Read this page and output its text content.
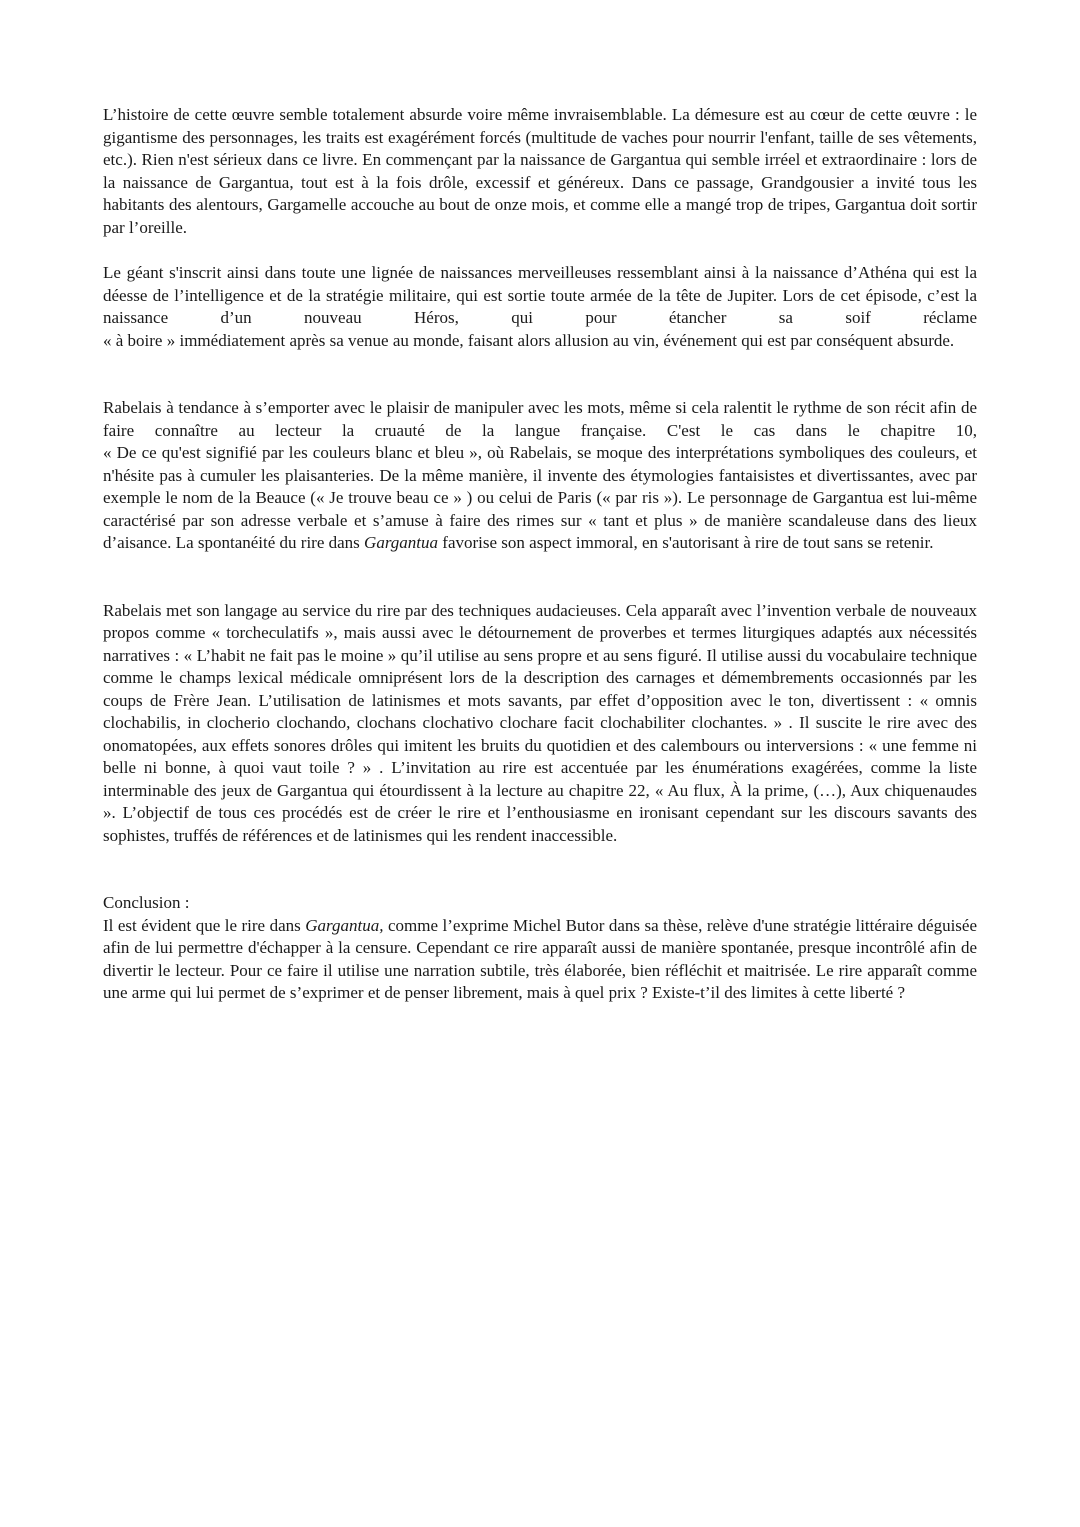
L’histoire de cette œuvre semble totalement absurde voire même invraisemblable. La démesure est au cœur de cette œuvre : le gigantisme des personnages, les traits est exagérément forcés (multitude de vaches pour nourrir l'enfant, taille de ses vêtements, etc.). Rien n'est sérieux dans ce livre. En commençant par la naissance de Gargantua qui semble irréel et extraordinaire : lors de la naissance de Gargantua, tout est à la fois drôle, excessif et généreux. Dans ce passage, Grandgousier a invité tous les habitants des alentours, Gargamelle accouche au bout de onze mois, et comme elle a mangé trop de tripes, Gargantua doit sortir par l’oreille.

Le géant s'inscrit ainsi dans toute une lignée de naissances merveilleuses ressemblant ainsi à la naissance d’Athéna qui est la déesse de l’intelligence et de la stratégie militaire, qui est sortie toute armée de la tête de Jupiter. Lors de cet épisode, c’est la naissance d’un nouveau Héros, qui pour étancher sa soif réclame
« à boire » immédiatement après sa venue au monde, faisant alors allusion au vin, événement qui est par conséquent absurde.
Rabelais à tendance à s’emporter avec le plaisir de manipuler avec les mots, même si cela ralentit le rythme de son récit afin de faire connaître au lecteur la cruauté de la langue française. C'est le cas dans le chapitre 10,
« De ce qu'est signifié par les couleurs blanc et bleu », où Rabelais, se moque des interprétations symboliques des couleurs, et n'hésite pas à cumuler les plaisanteries. De la même manière, il invente des étymologies fantaisistes et divertissantes, avec par exemple le nom de la Beauce (« Je trouve beau ce » ) ou celui de Paris (« par ris »). Le personnage de Gargantua est lui-même caractérisé par son adresse verbale et s’amuse à faire des rimes sur « tant et plus » de manière scandaleuse dans des lieux d’aisance. La spontanéité du rire dans Gargantua favorise son aspect immoral, en s'autorisant à rire de tout sans se retenir.

Rabelais met son langage au service du rire par des techniques audacieuses. Cela apparaît avec l’invention verbale de nouveaux propos comme « torcheculatifs », mais aussi avec le détournement de proverbes et termes liturgiques adaptés aux nécessités narratives : « L’habit ne fait pas le moine » qu’il utilise au sens propre et au sens figuré. Il utilise aussi du vocabulaire technique comme le champs lexical médicale omniprésent lors de la description des carnages et démembrements occasionnés par les coups de Frère Jean. L’utilisation de latinismes et mots savants, par effet d’opposition avec le ton, divertissent : « omnis clochabilis, in clocherio clochando, clochans clochativo clochare facit clochabiliter clochantes. » . Il suscite le rire avec des onomatopées, aux effets sonores drôles qui imitent les bruits du quotidien et des calembours ou interversions : « une femme ni belle ni bonne, à quoi vaut toile ? » . L’invitation au rire est accentuée par les énumérations exagérées, comme la liste interminable des jeux de Gargantua qui étourdissent à la lecture au chapitre 22, « Au flux, À la prime, (…), Aux chiquenaudes ». L’objectif de tous ces procédés est de créer le rire et l’enthousiasme en ironisant cependant sur les discours savants des sophistes, truffés de références et de latinismes qui les rendent inaccessible.

Conclusion :
Il est évident que le rire dans Gargantua, comme l’exprime Michel Butor dans sa thèse, relève d'une stratégie littéraire déguisée afin de lui permettre d'échapper à la censure. Cependant ce rire apparaît aussi de manière spontanée, presque incontrôlé afin de divertir le lecteur. Pour ce faire il utilise une narration subtile, très élaborée, bien réfléchit et maitrisée. Le rire apparaît comme une arme qui lui permet de s’exprimer et de penser librement, mais à quel prix ? Existe-t’il des limites à cette liberté ?
